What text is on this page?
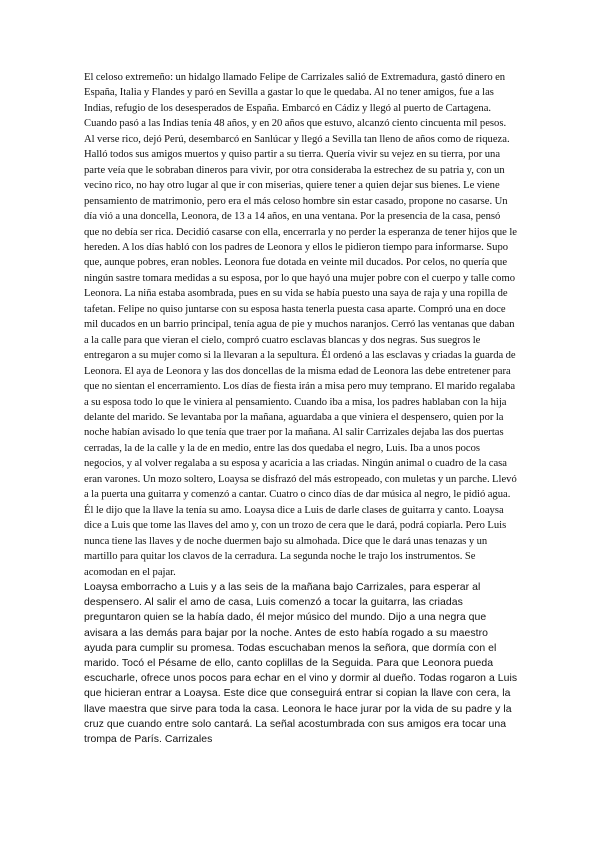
El celoso extremeño: un hidalgo llamado Felipe de Carrizales salió de Extremadura, gastó dinero en España, Italia y Flandes y paró en Sevilla a gastar lo que le quedaba. Al no tener amigos, fue a las Indias, refugio de los desesperados de España. Embarcó en Cádiz y llegó al puerto de Cartagena. Cuando pasó a las Indias tenía 48 años, y en 20 años que estuvo, alcanzó ciento cincuenta mil pesos. Al verse rico, dejó Perú, desembarcó en Sanlúcar y llegó a Sevilla tan lleno de años como de riqueza. Halló todos sus amigos muertos y quiso partir a su tierra. Quería vivir su vejez en su tierra, por una parte veía que le sobraban dineros para vivir, por otra consideraba la estrechez de su patria y, con un vecino rico, no hay otro lugar al que ir con miserias, quiere tener a quien dejar sus bienes. Le viene pensamiento de matrimonio, pero era el más celoso hombre sin estar casado, propone no casarse. Un día vió a una doncella, Leonora, de 13 a 14 años, en una ventana. Por la presencia de la casa, pensó que no debía ser rica. Decidió casarse con ella, encerrarla y no perder la esperanza de tener hijos que le hereden. A los días habló con los padres de Leonora y ellos le pidieron tiempo para informarse. Supo que, aunque pobres, eran nobles. Leonora fue dotada en veinte mil ducados. Por celos, no quería que ningún sastre tomara medidas a su esposa, por lo que hayó una mujer pobre con el cuerpo y talle como Leonora. La niña estaba asombrada, pues en su vida se había puesto una saya de raja y una ropilla de tafetan. Felipe no quiso juntarse con su esposa hasta tenerla puesta casa aparte. Compró una en doce mil ducados en un barrio principal, tenía agua de pie y muchos naranjos. Cerró las ventanas que daban a la calle para que vieran el cielo, compró cuatro esclavas blancas y dos negras. Sus suegros le entregaron a su mujer como si la llevaran a la sepultura. Él ordenó a las esclavas y criadas la guarda de Leonora. El aya de Leonora y las dos doncellas de la misma edad de Leonora las debe entretener para que no sientan el encerramiento. Los días de fiesta irán a misa pero muy temprano. El marido regalaba a su esposa todo lo que le viniera al pensamiento. Cuando iba a misa, los padres hablaban con la hija delante del marido. Se levantaba por la mañana, aguardaba a que viniera el despensero, quien por la noche habían avisado lo que tenía que traer por la mañana. Al salir Carrizales dejaba las dos puertas cerradas, la de la calle y la de en medio, entre las dos quedaba el negro, Luis. Iba a unos pocos negocios, y al volver regalaba a su esposa y acaricia a las criadas. Ningún animal o cuadro de la casa eran varones. Un mozo soltero, Loaysa se disfrazó del más estropeado, con muletas y un parche. Llevó a la puerta una guitarra y comenzó a cantar. Cuatro o cinco días de dar música al negro, le pidió agua. Él le dijo que la llave la tenía su amo. Loaysa dice a Luis de darle clases de guitarra y canto. Loaysa dice a Luis que tome las llaves del amo y, con un trozo de cera que le dará, podrá copiarla. Pero Luis nunca tiene las llaves y de noche duermen bajo su almohada. Dice que le dará unas tenazas y un martillo para quitar los clavos de la cerradura. La segunda noche le trajo los instrumentos. Se acomodan en el pajar.

Loaysa emborracho a Luis y a las seis de la mañana bajo Carrizales, para esperar al despensero. Al salir el amo de casa, Luis comenzó a tocar la guitarra, las criadas preguntaron quien se la había dado, él mejor músico del mundo. Dijo a una negra que avisara a las demás para bajar por la noche. Antes de esto había rogado a su maestro ayuda para cumplir su promesa. Todas escuchaban menos la señora, que dormía con el marido. Tocó el Pésame de ello, canto coplillas de la Seguida. Para que Leonora pueda escucharle, ofrece unos pocos para echar en el vino y dormir al dueño. Todas rogaron a Luis que hicieran entrar a Loaysa. Este dice que conseguirá entrar si copian la llave con cera, la llave maestra que sirve para toda la casa. Leonora le hace jurar por la vida de su padre y la cruz que cuando entre solo cantará. La señal acostumbrada con sus amigos era tocar una trompa de París. Carrizales
